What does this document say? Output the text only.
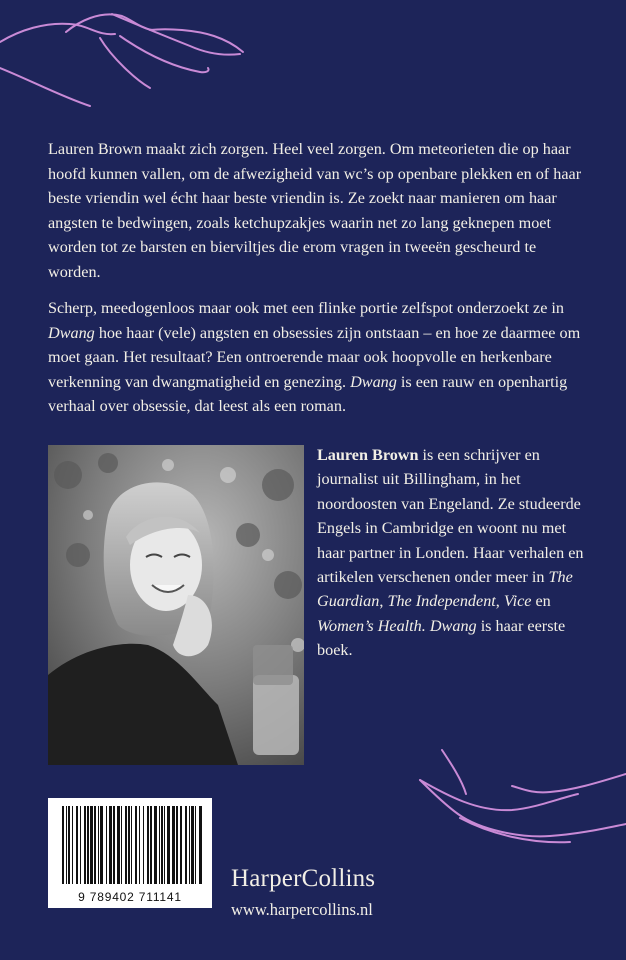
Lauren Brown maakt zich zorgen. Heel veel zorgen. Om meteorieten die op haar hoofd kunnen vallen, om de afwezigheid van wc’s op openbare plekken en of haar beste vriendin wel écht haar beste vriendin is. Ze zoekt naar manieren om haar angsten te bedwingen, zoals ketchupzakjes waarin net zo lang geknepen moet worden tot ze barsten en bierviltjes die erom vragen in tweeën gescheurd te worden.

Scherp, meedogenloos maar ook met een flinke portie zelfspot onderzoekt ze in Dwang hoe haar (vele) angsten en obsessies zijn ontstaan – en hoe ze daarmee om moet gaan. Het resultaat? Een ontroerende maar ook hoopvolle en herkenbare verkenning van dwangmatigheid en genezing. Dwang is een rauw en openhartig verhaal over obsessie, dat leest als een roman.

Lauren Brown is een schrijver en journalist uit Billingham, in het noordoosten van Engeland. Ze studeerde Engels in Cambridge en woont nu met haar partner in Londen. Haar verhalen en artikelen verschenen onder meer in The Guardian, The Independent, Vice en Women’s Health. Dwang is haar eerste boek.

9 789402 711141
HarperCollins
www.harpercollins.nl
